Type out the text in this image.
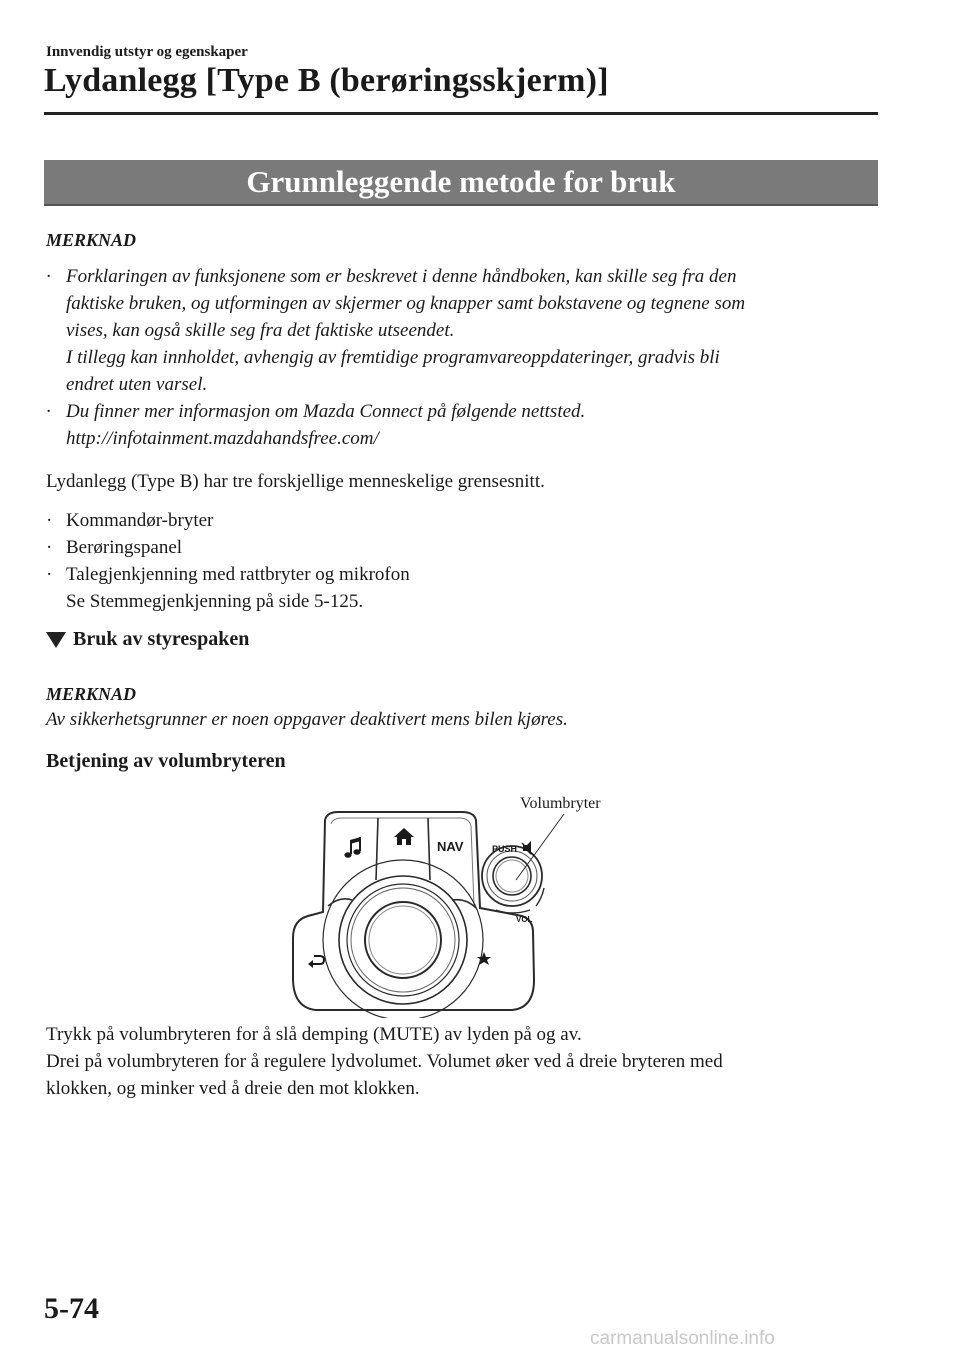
Innvendig utstyr og egenskaper
Lydanlegg [Type B (berøringsskjerm)]
Grunnleggende metode for bruk
MERKNAD
· Forklaringen av funksjonene som er beskrevet i denne håndboken, kan skille seg fra den
faktiske bruken, og utformingen av skjermer og knapper samt bokstavene og tegnene som
vises, kan også skille seg fra det faktiske utseendet.
I tillegg kan innholdet, avhengig av fremtidige programvareoppdateringer, gradvis bli
endret uten varsel.
· Du finner mer informasjon om Mazda Connect på følgende nettsted.
http://infotainment.mazdahandsfree.com/
Lydanlegg (Type B) har tre forskjellige menneskelige grensesnitt.
· Kommandør-bryter
· Berøringspanel
· Talegjenkjenning med rattbryter og mikrofon
Se Stemmegjenkjenning på side 5-125.
Bruk av styrespaken
MERKNAD
Av sikkerhetsgrunner er noen oppgaver deaktivert mens bilen kjøres.
Betjening av volumbryteren
NAV	PUSH
VOL
Volumbryter
Trykk på volumbryteren for å slå demping (MUTE) av lyden på og av.
Drei på volumbryteren for å regulere lydvolumet. Volumet øker ved å dreie bryteren med
klokken, og minker ved å dreie den mot klokken.
5-74
carmanualsonline.info
